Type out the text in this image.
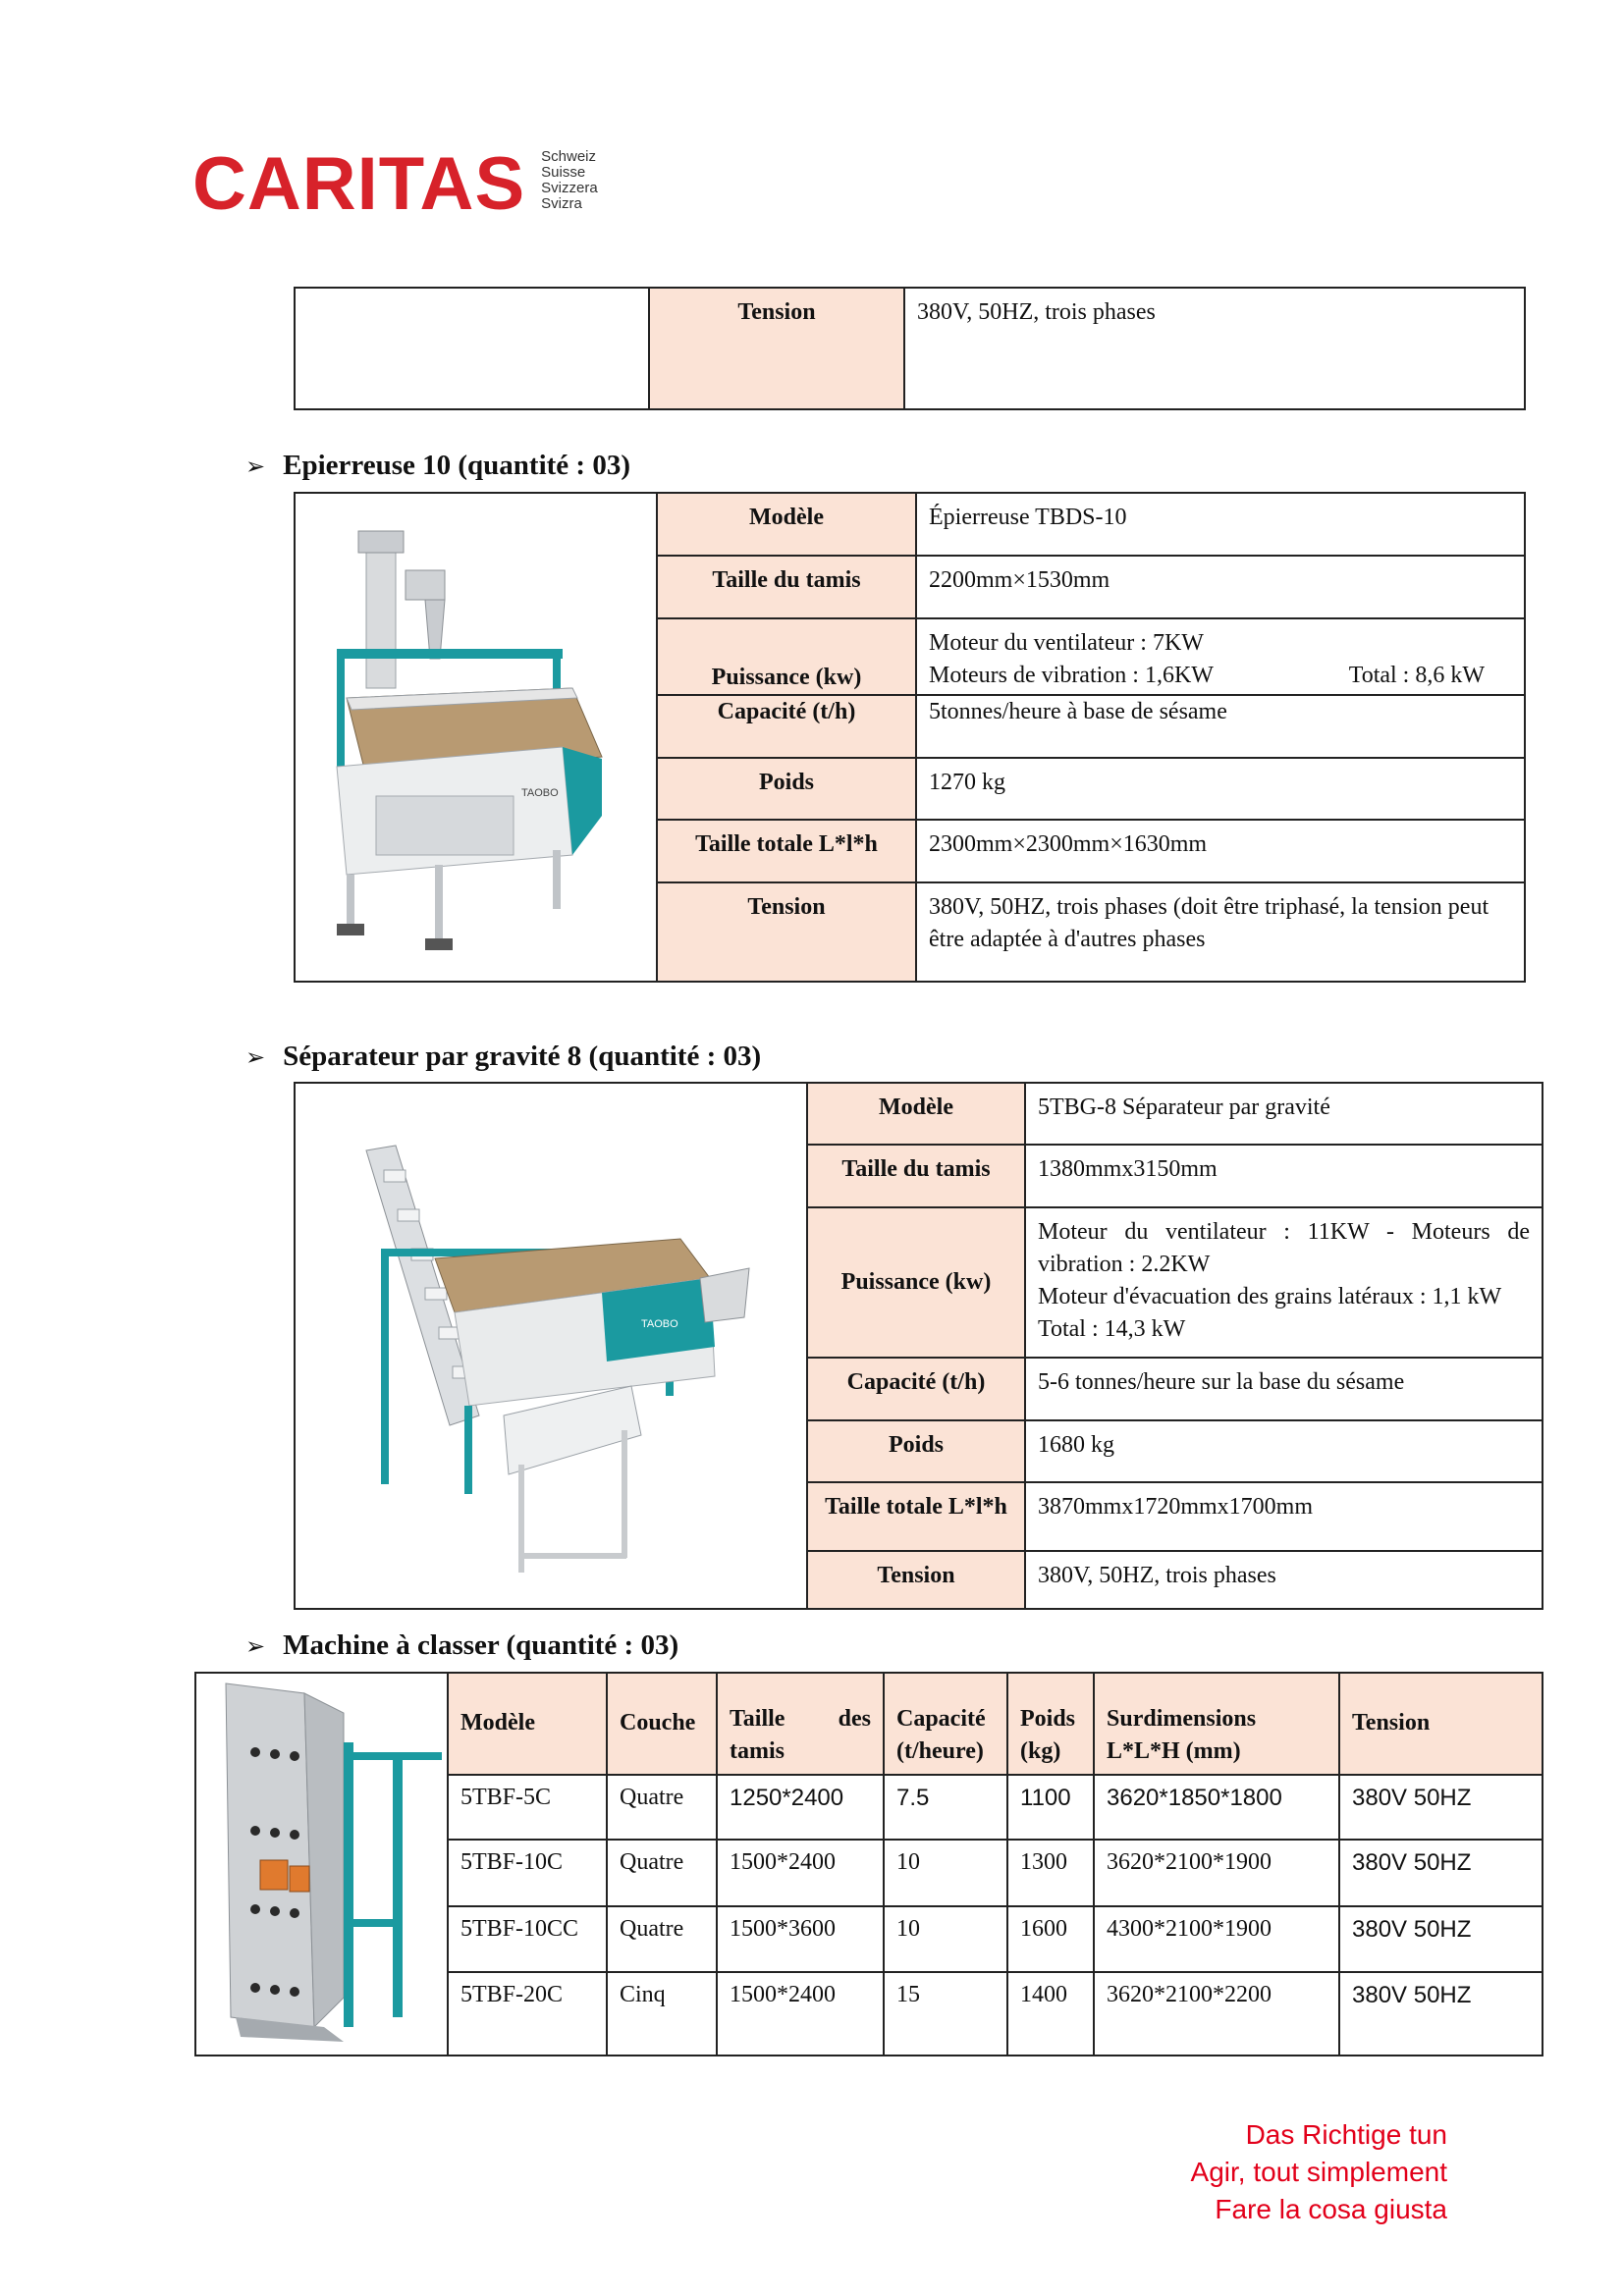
CARITAS Schweiz
Suisse
Svizzera
Svizra
	Tension	380V, 50HZ, trois phases
➢ Epierreuse 10 (quantité : 03)
TAOBO	Modèle	Épierreuse TBDS-10
	Taille du tamis	2200mm×1530mm
	Puissance (kw)	Moteur du ventilateur : 7KW
Moteurs de vibration : 1,6KW Total : 8,6 kW

	Capacité (t/h)	5tonnes/heure à base de sésame
	Poids	1270 kg
	Taille totale L*l*h	2300mm×2300mm×1630mm
	Tension	380V, 50HZ, trois phases (doit être triphasé, la tension peut être adaptée à d'autres phases
➢ Séparateur par gravité 8 (quantité : 03)
TAOBO	Modèle	5TBG-8 Séparateur par gravité
	Taille du tamis	1380mmx3150mm
	Puissance (kw)	Moteur du ventilateur : 11KW - Moteurs de vibration : 2.2KW
Moteur d'évacuation des grains latéraux : 1,1 kW
Total : 14,3 kW

	Capacité (t/h)	5-6 tonnes/heure sur la base du sésame
	Poids	1680 kg
	Taille totale L*l*h	3870mmx1720mmx1700mm
	Tension	380V, 50HZ, trois phases
➢ Machine à classer (quantité : 03)
	Modèle	Couche	Taille des tamis	Capacité (t/heure)	Poids (kg)	Surdimensions L*L*H (mm)	Tension
	5TBF-5C	Quatre	1250*2400	7.5	1100	3620*1850*1800	380V 50HZ
	5TBF-10C	Quatre	1500*2400	10	1300	3620*2100*1900	380V 50HZ
	5TBF-10CC	Quatre	1500*3600	10	1600	4300*2100*1900	380V 50HZ
	5TBF-20C	Cinq	1500*2400	15	1400	3620*2100*2200	380V 50HZ
Das Richtige tun
Agir, tout simplement
Fare la cosa giusta
